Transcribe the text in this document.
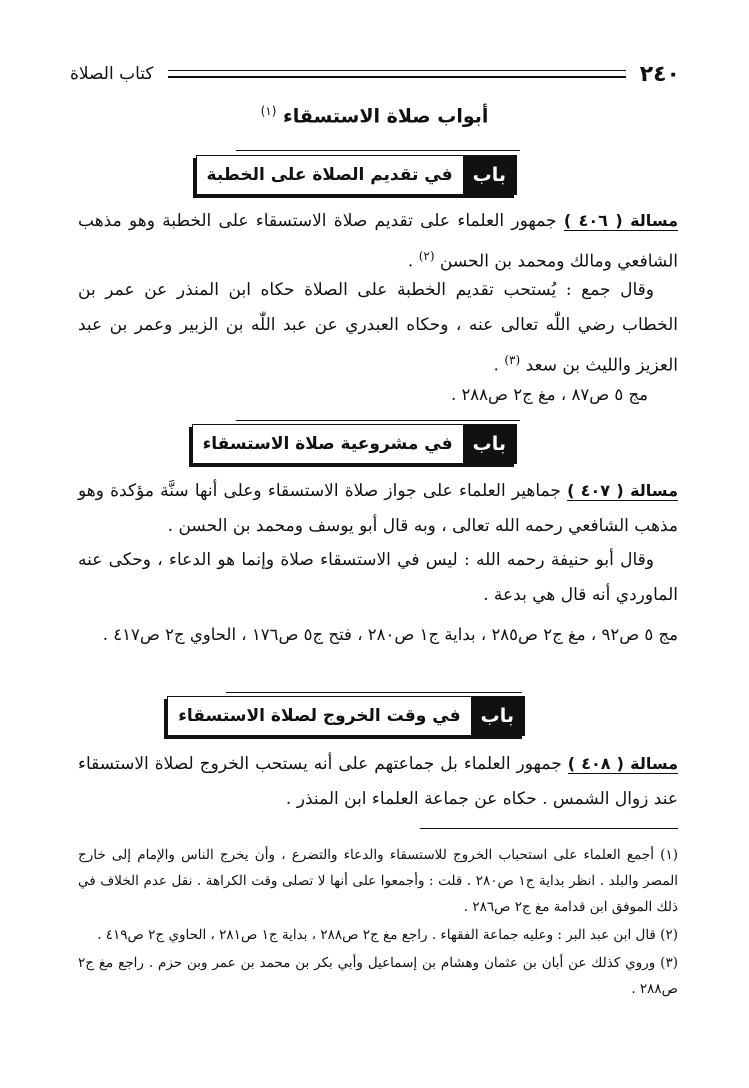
٢٤٠
كتاب الصلاة
أبواب صلاة الاستسقاء $^{(١)}$
باب
في تقديم الصلاة على الخطبة
مسالة ( ٤٠٦ ) جمهور العلماء على تقديم صلاة الاستسقاء على الخطبة وهو مذهب الشافعي ومالك ومحمد بن الحسن $^{(٢)}$ .
وقال جمع : يُستحب تقديم الخطبة على الصلاة حكاه ابن المنذر عن عمر بن الخطاب رضي اللّٰه تعالى عنه ، وحكاه العبدري عن عبد اللّٰه بن الزبير وعمر بن عبد العزيز والليث بن سعد $^{(٣)}$ .
مج ٥ ص٨٧ ، مغ ج٢ ص٢٨٨ .
باب
في مشروعية صلاة الاستسقاء
مسالة ( ٤٠٧ ) جماهير العلماء على جواز صلاة الاستسقاء وعلى أنها سنَّة مؤكدة وهو مذهب الشافعي رحمه الله تعالى ، وبه قال أبو يوسف ومحمد بن الحسن .
وقال أبو حنيفة رحمه الله : ليس في الاستسقاء صلاة وإنما هو الدعاء ، وحكى عنه الماوردي أنه قال هي بدعة .
مج ٥ ص٩٢ ، مغ ج٢ ص٢٨٥ ، بداية ج١ ص٢٨٠ ، فتح ج٥ ص١٧٦ ، الحاوي ج٢ ص٤١٧ .
باب
في وقت الخروج لصلاة الاستسقاء
مسالة ( ٤٠٨ ) جمهور العلماء بل جماعتهم على أنه يستحب الخروج لصلاة الاستسقاء عند زوال الشمس . حكاه عن جماعة العلماء ابن المنذر .

(١) أجمع العلماء على استحباب الخروج للاستسقاء والدعاء والتضرع ، وأن يخرج الناس والإمام إلى خارج المصر والبلد . انظر بداية ج١ ص٢٨٠ . قلت : وأجمعوا على أنها لا تصلى وقت الكراهة . نقل عدم الخلاف في ذلك الموفق ابن قدامة مغ ج٢ ص٢٨٦ .

(٢) قال ابن عبد البر : وعليه جماعة الفقهاء . راجع مغ ج٢ ص٢٨٨ ، بداية ج١ ص٢٨١ ، الحاوي ج٢ ص٤١٩ .

(٣) وروي كذلك عن أبان بن عثمان وهشام بن إسماعيل وأبي بكر بن محمد بن عمر وبن حزم . راجع مغ ج٢ ص٢٨٨ .
